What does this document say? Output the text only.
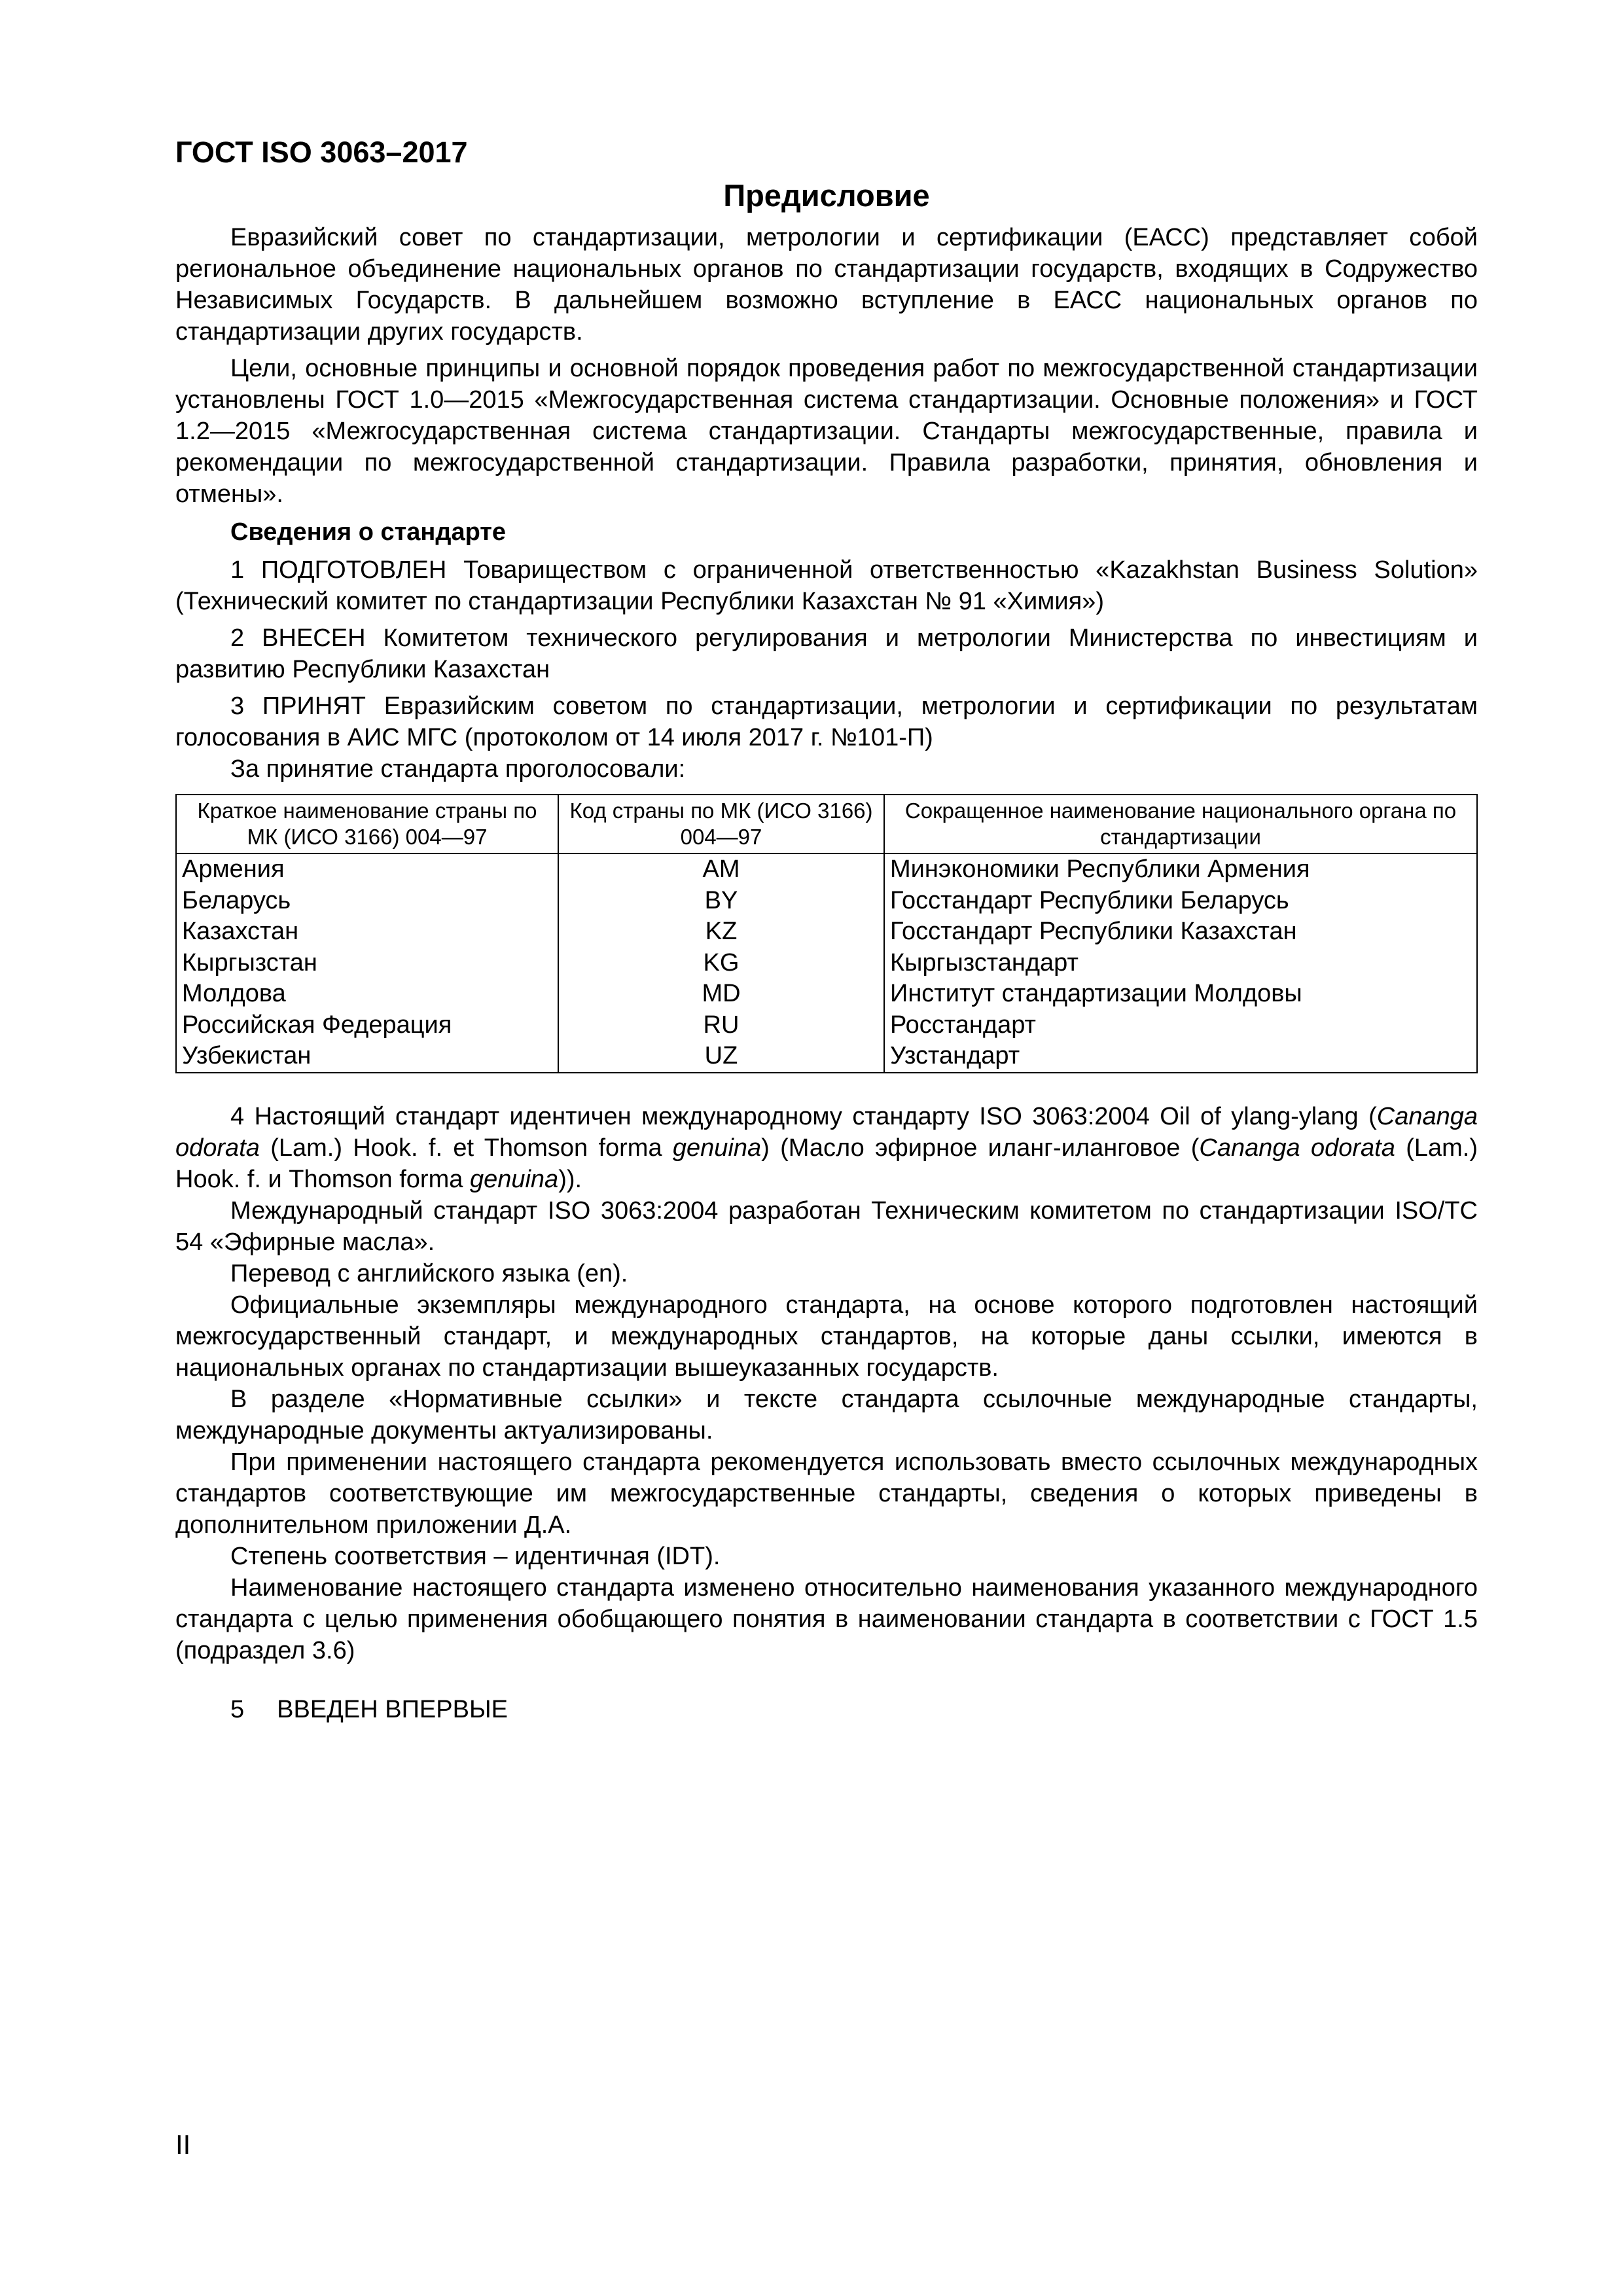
ГОСТ ISO 3063–2017
Предисловие

Евразийский совет по стандартизации, метрологии и сертификации (ЕАСС) представляет собой региональное объединение национальных органов по стандартизации государств, входящих в Содружество Независимых Государств. В дальнейшем возможно вступление в ЕАСС национальных органов по стандартизации других государств.

Цели, основные принципы и основной порядок проведения работ по межгосударственной стандартизации установлены ГОСТ 1.0—2015 «Межгосударственная система стандартизации. Основные положения» и ГОСТ 1.2—2015 «Межгосударственная система стандартизации. Стандарты межгосударственные, правила и рекомендации по межгосударственной стандартизации. Правила разработки, принятия, обновления и отмены».

Сведения о стандарте

1 ПОДГОТОВЛЕН Товариществом с ограниченной ответственностью «Kazakhstan Business Solution» (Технический комитет по стандартизации Республики Казахстан № 91 «Химия»)

2 ВНЕСЕН Комитетом технического регулирования и метрологии Министерства по инвестициям и развитию Республики Казахстан

3 ПРИНЯТ Евразийским советом по стандартизации, метрологии и сертификации по результатам голосования в АИС МГС (протоколом от 14 июля 2017 г. №101-П)

За принятие стандарта проголосовали:

Краткое наименование страны по МК (ИСО 3166) 004—97	Код страны по МК (ИСО 3166) 004—97	Сокращенное наименование национального органа по стандартизации
Армения	AM	Минэкономики Республики Армения
Беларусь	BY	Госстандарт Республики Беларусь
Казахстан	KZ	Госстандарт Республики Казахстан
Кыргызстан	KG	Кыргызстандарт
Молдова	MD	Институт стандартизации Молдовы
Российская Федерация	RU	Росстандарт
Узбекистан	UZ	Узстандарт

4 Настоящий стандарт идентичен международному стандарту ISO 3063:2004 Oil of ylang-ylang (Cananga odorata (Lam.) Hook. f. et Thomson forma genuina) (Масло эфирное иланг-иланговое (Cananga odorata (Lam.) Hook. f. и Thomson forma genuina)).

Международный стандарт ISO 3063:2004 разработан Техническим комитетом по стандартизации ISO/TC 54 «Эфирные масла».

Перевод с английского языка (en).

Официальные экземпляры международного стандарта, на основе которого подготовлен настоящий межгосударственный стандарт, и международных стандартов, на которые даны ссылки, имеются в национальных органах по стандартизации вышеуказанных государств.

В разделе «Нормативные ссылки» и тексте стандарта ссылочные международные стандарты, международные документы актуализированы.

При применении настоящего стандарта рекомендуется использовать вместо ссылочных международных стандартов соответствующие им межгосударственные стандарты, сведения о которых приведены в дополнительном приложении Д.А.

Степень соответствия – идентичная (IDT).

Наименование настоящего стандарта изменено относительно наименования указанного международного стандарта с целью применения обобщающего понятия в наименовании стандарта в соответствии с ГОСТ 1.5 (подраздел 3.6)

5 ВВЕДЕН ВПЕРВЫЕ

II
